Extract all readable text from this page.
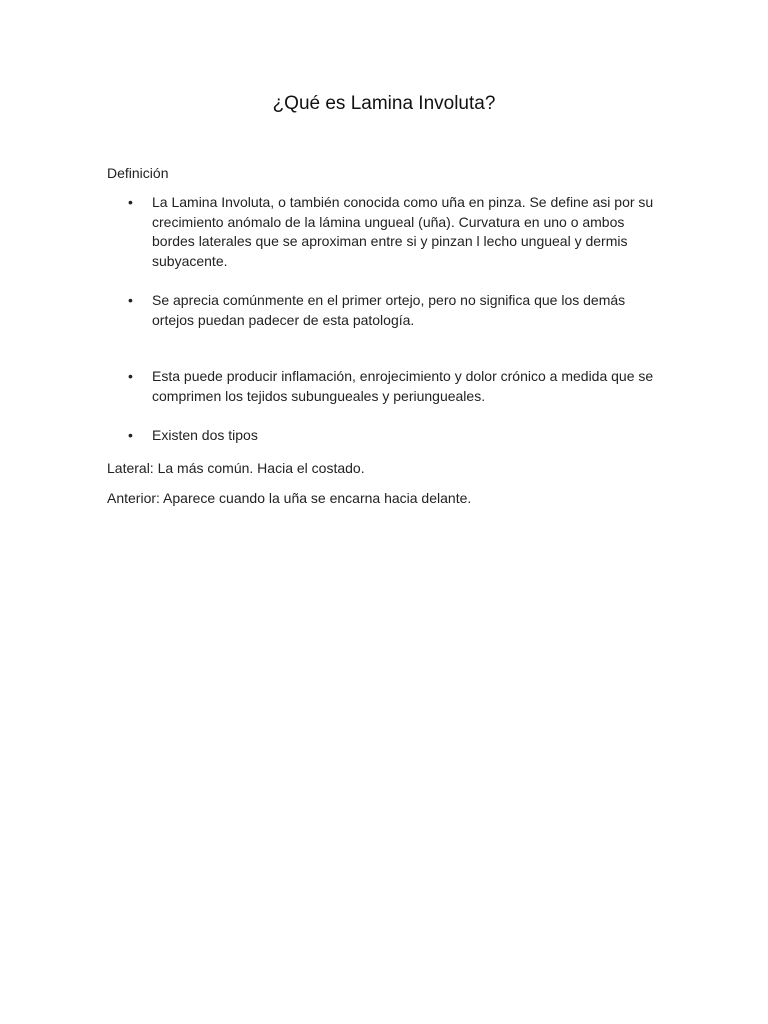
¿Qué es Lamina Involuta?
Definición
• La Lamina Involuta, o también conocida como uña en pinza. Se define asi por su crecimiento anómalo de la lámina ungueal (uña). Curvatura en uno o ambos bordes laterales que se aproximan entre si y pinzan l lecho ungueal y dermis subyacente.
• Se aprecia comúnmente en el primer ortejo, pero no significa que los demás ortejos puedan padecer de esta patología.
• Esta puede producir inflamación, enrojecimiento y dolor crónico a medida que se comprimen los tejidos subungueales y periungueales.
• Existen dos tipos
Lateral: La más común. Hacia el costado.
Anterior: Aparece cuando la uña se encarna hacia delante.
